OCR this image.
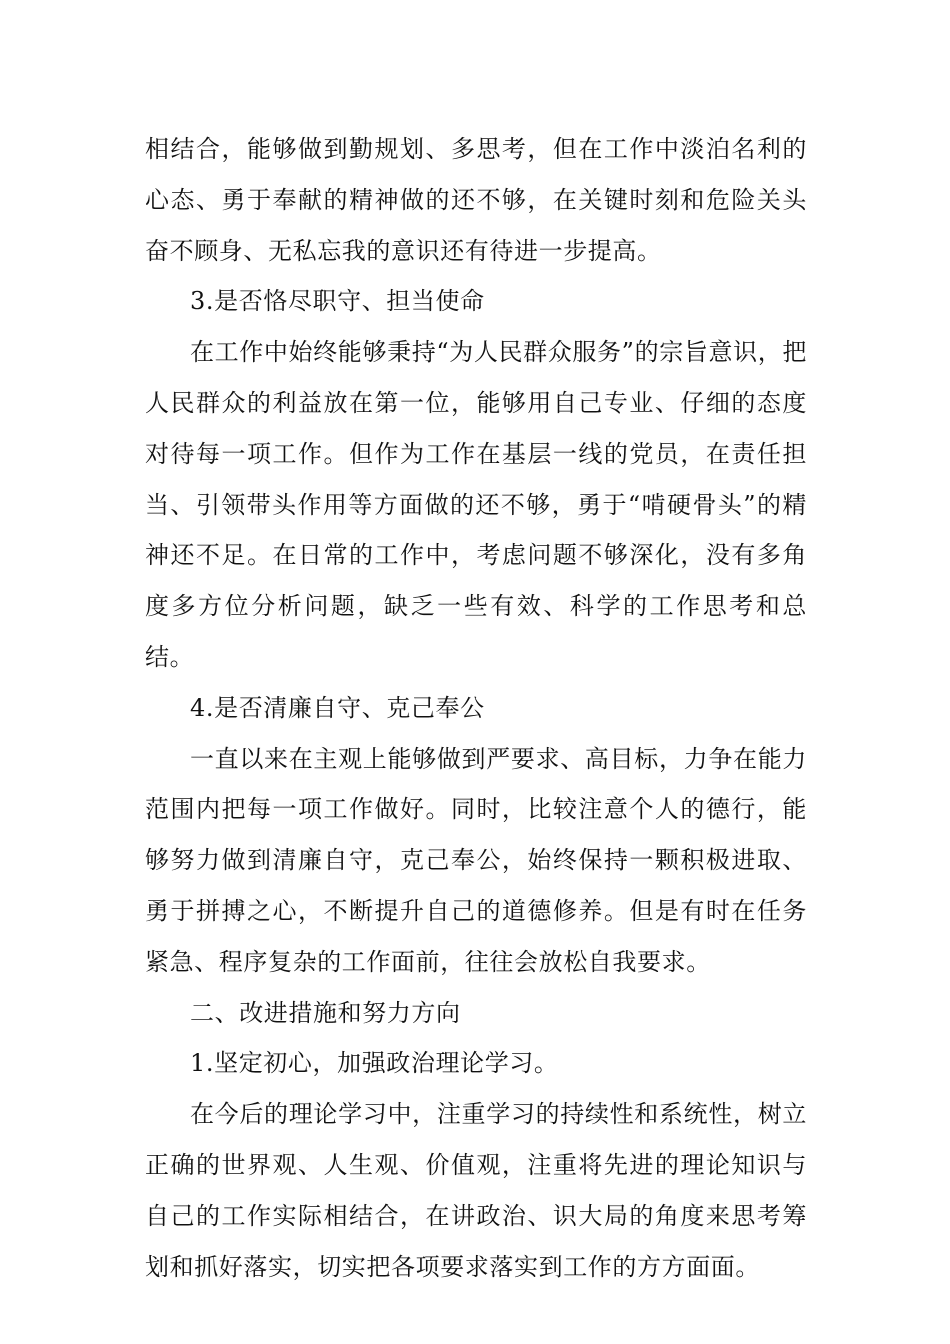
相结合，能够做到勤规划、多思考，但在工作中淡泊名利的心态、勇于奉献的精神做的还不够，在关键时刻和危险关头奋不顾身、无私忘我的意识还有待进一步提高。

3.是否恪尽职守、担当使命

在工作中始终能够秉持“为人民群众服务”的宗旨意识，把人民群众的利益放在第一位，能够用自己专业、仔细的态度对待每一项工作。但作为工作在基层一线的党员，在责任担当、引领带头作用等方面做的还不够，勇于“啃硬骨头”的精神还不足。在日常的工作中，考虑问题不够深化，没有多角度多方位分析问题，缺乏一些有效、科学的工作思考和总结。

4.是否清廉自守、克己奉公

一直以来在主观上能够做到严要求、高目标，力争在能力范围内把每一项工作做好。同时，比较注意个人的德行，能够努力做到清廉自守，克己奉公，始终保持一颗积极进取、勇于拼搏之心，不断提升自己的道德修养。但是有时在任务紧急、程序复杂的工作面前，往往会放松自我要求。

二、改进措施和努力方向

1.坚定初心，加强政治理论学习。

在今后的理论学习中，注重学习的持续性和系统性，树立正确的世界观、人生观、价值观，注重将先进的理论知识与自己的工作实际相结合，在讲政治、识大局的角度来思考筹划和抓好落实，切实把各项要求落实到工作的方方面面。
